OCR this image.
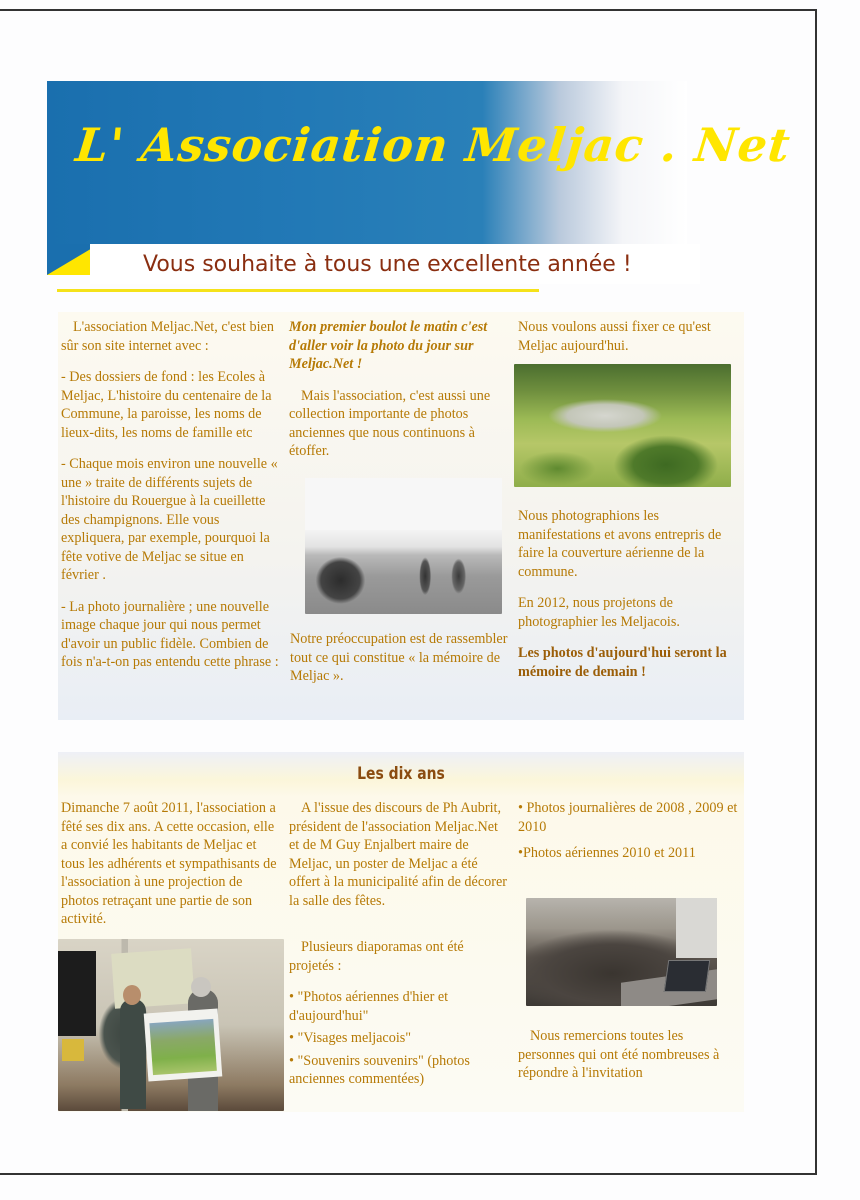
L' Association Meljac . Net
Vous souhaite à tous une excellente année !

L'association Meljac.Net, c'est bien sûr son site internet avec :

- Des dossiers de fond : les Ecoles à Meljac, L'histoire du centenaire de la Commune, la paroisse, les noms de lieux-dits, les noms de famille etc

- Chaque mois environ une nouvelle « une » traite de différents sujets de l'histoire du Rouergue à la cueillette des champignons. Elle vous expliquera, par exemple, pourquoi la fête votive de Meljac se situe en février .

- La photo journalière ; une nouvelle image chaque jour qui nous permet d'avoir un public fidèle. Combien de fois n'a-t-on pas entendu cette phrase :

Mon premier boulot le matin c'est d'aller voir la photo du jour sur Meljac.Net !

Mais l'association, c'est aussi une collection importante de photos anciennes que nous continuons à étoffer.

Notre préoccupation est de rassembler tout ce qui constitue « la mémoire de Meljac ».
Nous voulons aussi fixer ce qu'est Meljac aujourd'hui.

Nous photographions les manifestations et avons entrepris de faire la couverture aérienne de la commune.

En 2012, nous projetons de photographier les Meljacois.

Les photos d'aujourd'hui seront la mémoire de demain !

Les dix ans
Dimanche 7 août 2011, l'association a fêté ses dix ans. A cette occasion, elle a convié les habitants de Meljac et tous les adhérents et sympathisants de l'association à une projection de photos retraçant une partie de son activité.

A l'issue des discours de Ph Aubrit, président de l'association Meljac.Net et de M Guy Enjalbert maire de Meljac, un poster de Meljac a été offert à la municipalité afin de décorer la salle des fêtes.

Plusieurs diaporamas ont été projetés :

• "Photos aériennes d'hier et d'aujourd'hui"

• "Visages meljacois"

• "Souvenirs souvenirs" (photos anciennes commentées)

• Photos journalières de 2008 , 2009 et 2010

•Photos aériennes 2010 et 2011

Nous remercions toutes les personnes qui ont été nombreuses à répondre à l'invitation
